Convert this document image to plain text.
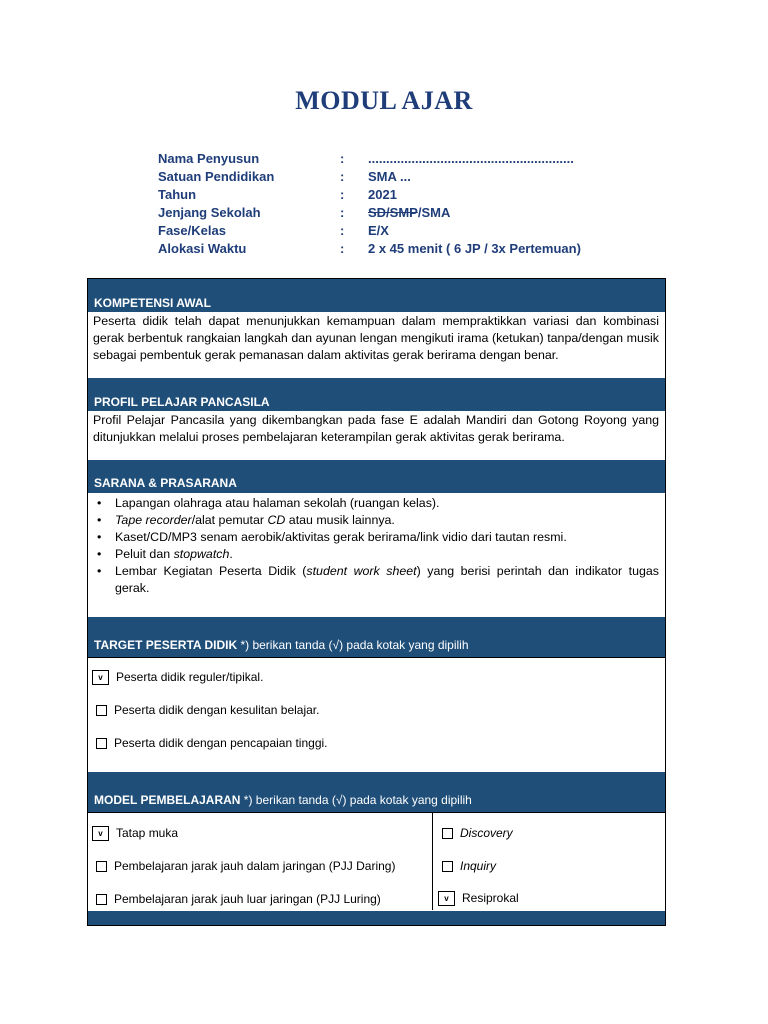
MODUL AJAR
Nama Penyusun	:	.........................................................
Satuan Pendidikan	:	SMA ...
Tahun	:	2021
Jenjang Sekolah	:	SD/SMP/SMA
Fase/Kelas	:	E/X
Alokasi Waktu	:	2 x 45 menit ( 6 JP / 3x Pertemuan)
KOMPETENSI AWAL
Peserta didik telah dapat menunjukkan kemampuan dalam mempraktikkan variasi dan kombinasi gerak berbentuk rangkaian langkah dan ayunan lengan mengikuti irama (ketukan) tanpa/dengan musik sebagai pembentuk gerak pemanasan dalam aktivitas gerak berirama dengan benar.
PROFIL PELAJAR PANCASILA
Profil Pelajar Pancasila yang dikembangkan pada fase E adalah Mandiri dan Gotong Royong yang ditunjukkan melalui proses pembelajaran keterampilan gerak aktivitas gerak berirama.
SARANA & PRASARANA
• Lapangan olahraga atau halaman sekolah (ruangan kelas).
• Tape recorder/alat pemutar CD atau musik lainnya.
• Kaset/CD/MP3 senam aerobik/aktivitas gerak berirama/link vidio dari tautan resmi.
• Peluit dan stopwatch.
• Lembar Kegiatan Peserta Didik (student work sheet) yang berisi perintah dan indikator tugas gerak.
TARGET PESERTA DIDIK *) berikan tanda (√) pada kotak yang dipilih
v Peserta didik reguler/tipikal.
Peserta didik dengan kesulitan belajar.
Peserta didik dengan pencapaian tinggi.
MODEL PEMBELAJARAN *) berikan tanda (√) pada kotak yang dipilih
v Tatap muka
Pembelajaran jarak jauh dalam jaringan (PJJ Daring)
Pembelajaran jarak jauh luar jaringan (PJJ Luring)
Discovery
Inquiry
v Resiprokal
